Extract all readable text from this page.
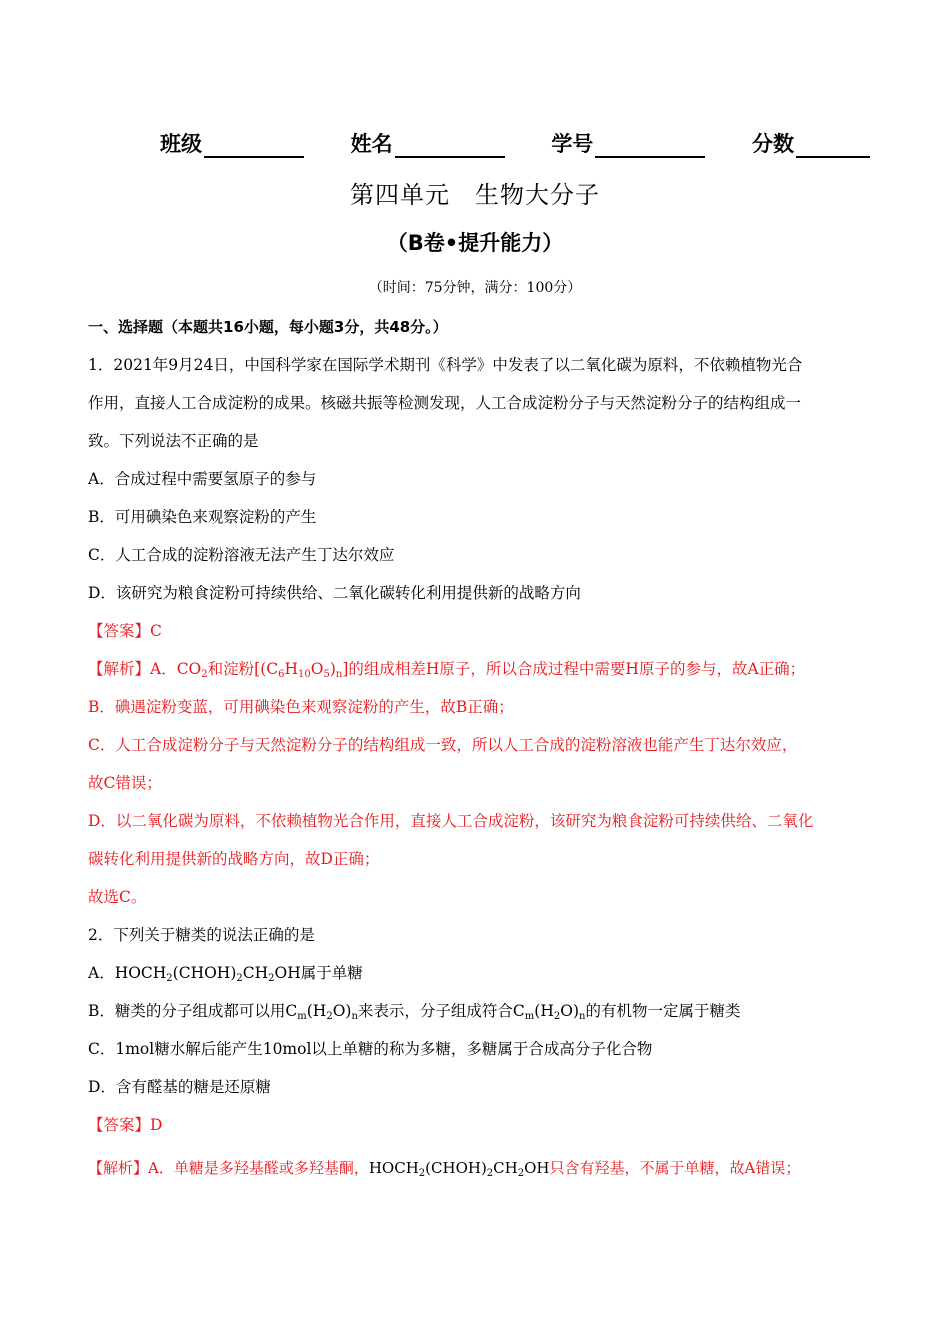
班级	姓名	学号	分数
第四单元　生物大分子
（B卷•提升能力）
（时间：75分钟，满分：100分）
一、选择题（本题共16小题，每小题3分，共48分。）
1．2021年9月24日，中国科学家在国际学术期刊《科学》中发表了以二氧化碳为原料，不依赖植物光合
作用，直接人工合成淀粉的成果。核磁共振等检测发现，人工合成淀粉分子与天然淀粉分子的结构组成一
致。下列说法不正确的是
A．合成过程中需要氢原子的参与
B．可用碘染色来观察淀粉的产生
C．人工合成的淀粉溶液无法产生丁达尔效应
D．该研究为粮食淀粉可持续供给、二氧化碳转化利用提供新的战略方向
【答案】C
【解析】A．$CO_2$和淀粉$[(C_6H_{10}O_5)_n]$的组成相差H原子，所以合成过程中需要H原子的参与，故A正确；
B．碘遇淀粉变蓝，可用碘染色来观察淀粉的产生，故B正确；
C．人工合成淀粉分子与天然淀粉分子的结构组成一致，所以人工合成的淀粉溶液也能产生丁达尔效应，
故C错误；
D．以二氧化碳为原料，不依赖植物光合作用，直接人工合成淀粉，该研究为粮食淀粉可持续供给、二氧化
碳转化利用提供新的战略方向，故D正确；
故选C。
2．下列关于糖类的说法正确的是
A．$HOCH_2(CHOH)_2CH_2OH$属于单糖
B．糖类的分子组成都可以用$C_m(H_2O)_n$来表示，分子组成符合$C_m(H_2O)_n$的有机物一定属于糖类
C．1mol糖水解后能产生10mol以上单糖的称为多糖，多糖属于合成高分子化合物
D．含有醛基的糖是还原糖
【答案】D
【解析】A．单糖是多羟基醛或多羟基酮，$HOCH_2(CHOH)_2CH_2OH$只含有羟基，不属于单糖，故A错误；
